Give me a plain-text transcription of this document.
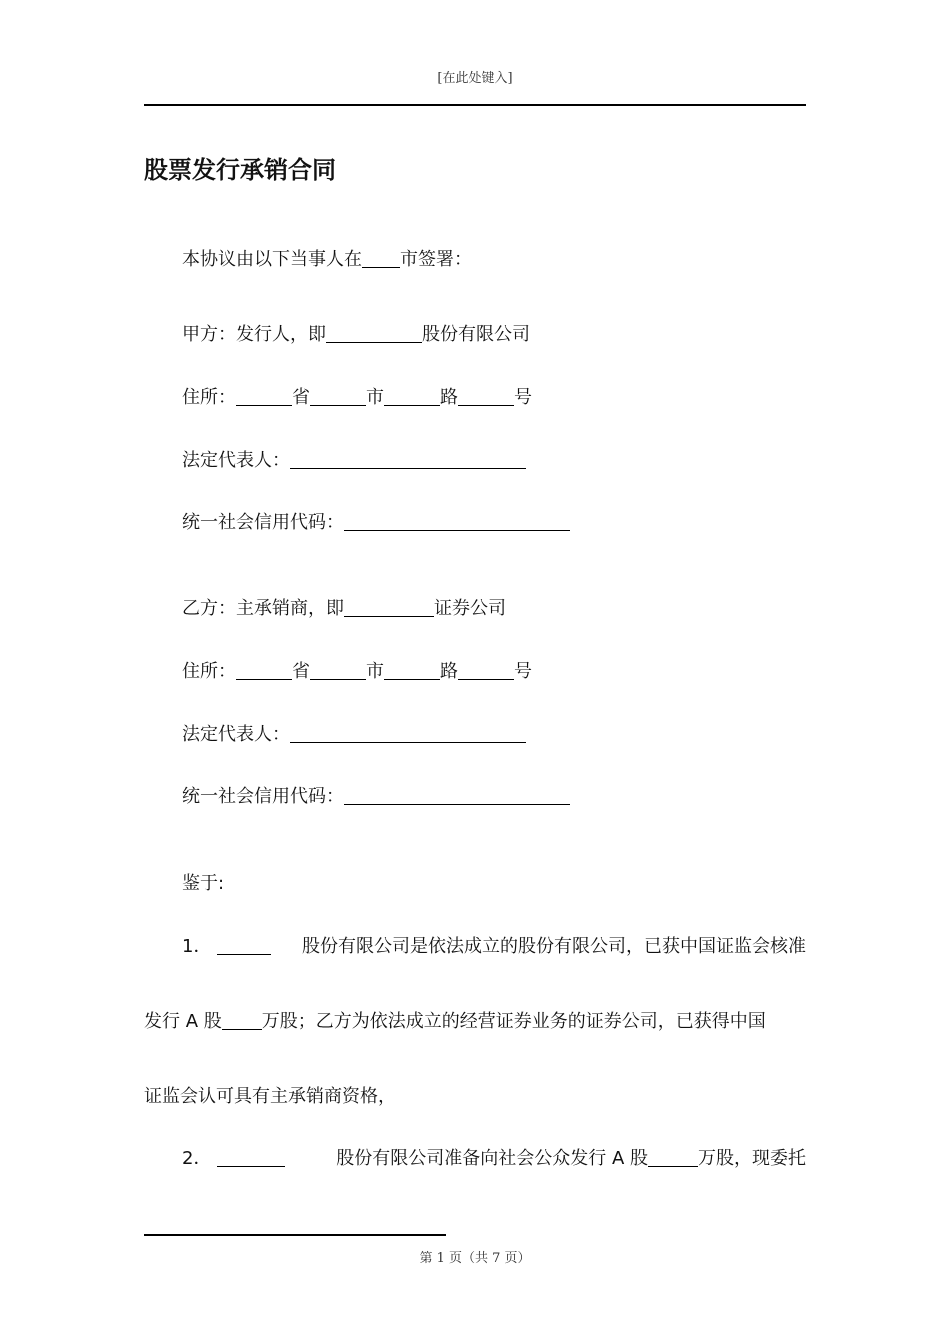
[在此处键入]
股票发行承销合同

本协议由以下当事人在 市签署：

甲方：发行人，即	股份有限公司

住所：	省	市	路	号

法定代表人：

统一社会信用代码：

乙方：主承销商，即	证券公司

住所：	省	市	路	号

法定代表人：

统一社会信用代码：

鉴于:

1．	股份有限公司是依法成立的股份有限公司，已获中国证监会核准

发行 A 股 万股；乙方为依法成立的经营证券业务的证券公司，已获得中国

证监会认可具有主承销商资格，

2．	股份有限公司准备向社会公众发行 A 股	万股，现委托

第 1 页（共 7 页）
